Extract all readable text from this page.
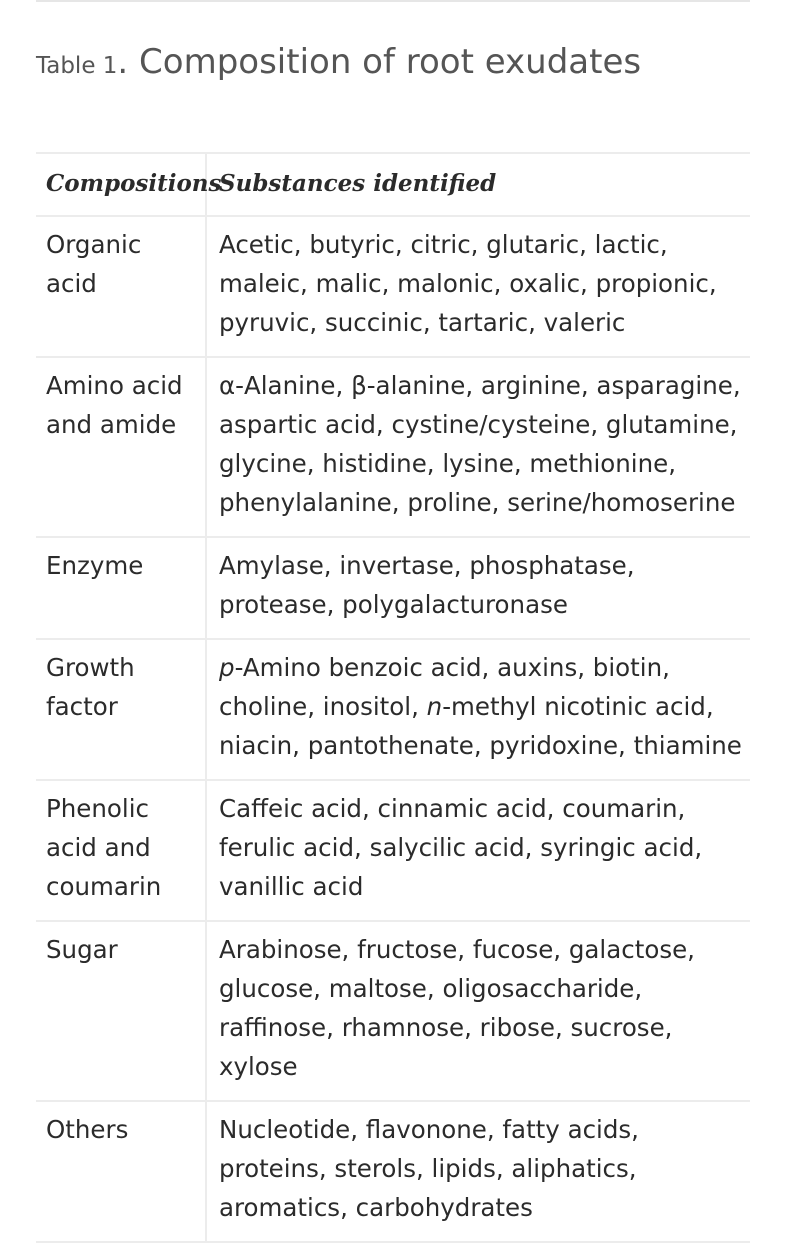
Table 1. Composition of root exudates
Compositions	Substances identified
Organic acid	Acetic, butyric, citric, glutaric, lactic, maleic, malic, malonic, oxalic, propionic, pyruvic, succinic, tartaric, valeric
Amino acid and amide	α-Alanine, β-alanine, arginine, asparagine, aspartic acid, cystine/cysteine, glutamine, glycine, histidine, lysine, methionine, phenylalanine, proline, serine/homoserine
Enzyme	Amylase, invertase, phosphatase, protease, polygalacturonase
Growth factor	p-Amino benzoic acid, auxins, biotin, choline, inositol, n-methyl nicotinic acid, niacin, pantothenate, pyridoxine, thiamine
Phenolic acid and coumarin	Caffeic acid, cinnamic acid, coumarin, ferulic acid, salycilic acid, syringic acid, vanillic acid
Sugar	Arabinose, fructose, fucose, galactose, glucose, maltose, oligosaccharide, raffinose, rhamnose, ribose, sucrose, xylose
Others	Nucleotide, flavonone, fatty acids, proteins, sterols, lipids, aliphatics, aromatics, carbohydrates
